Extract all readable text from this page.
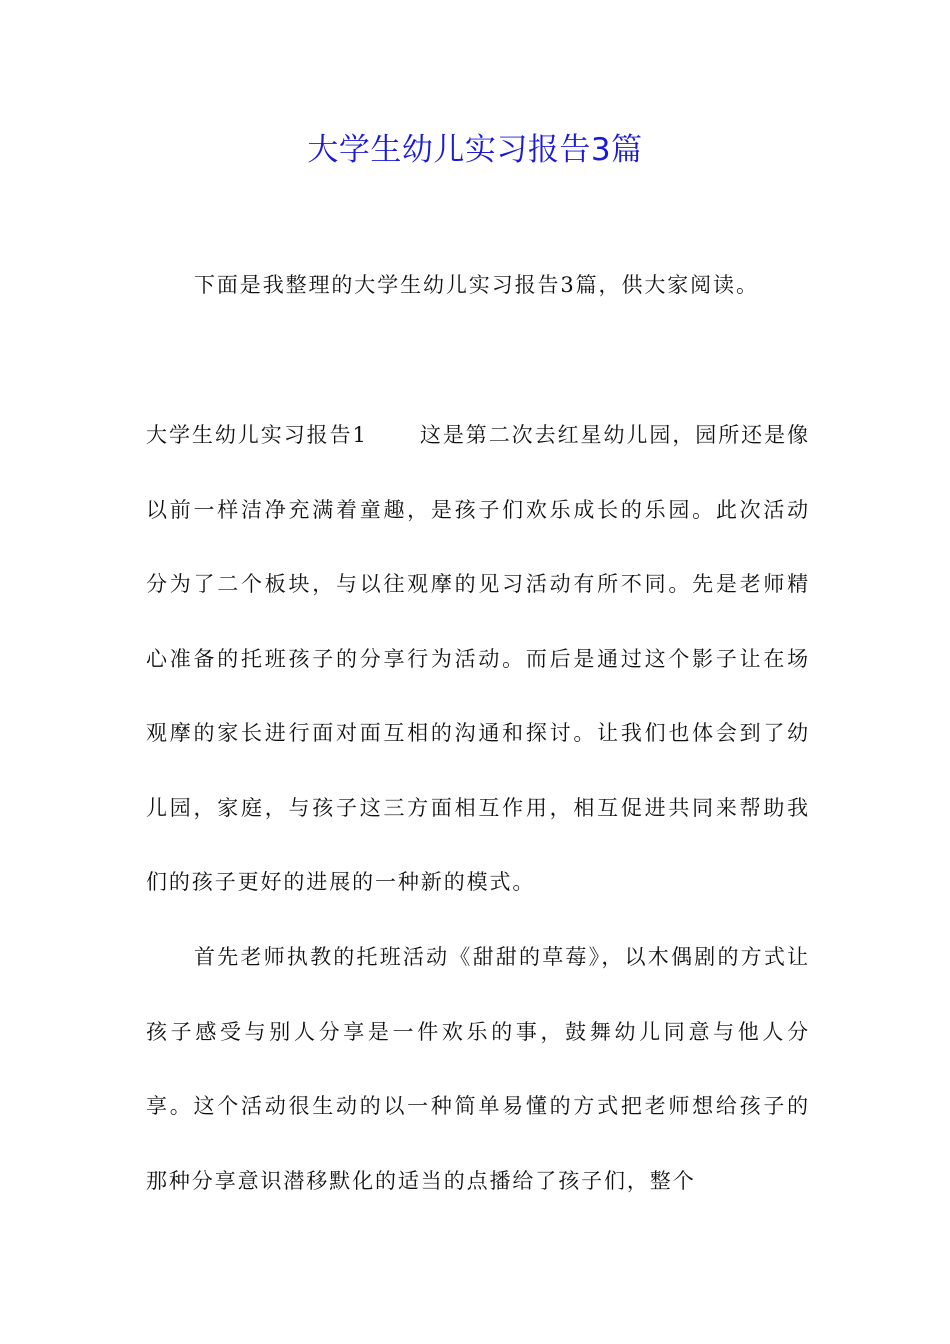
大学生幼儿实习报告3篇

下面是我整理的大学生幼儿实习报告3篇，供大家阅读。

大学生幼儿实习报告1 这是第二次去红星幼儿园，园所还是像以前一样洁净充满着童趣，是孩子们欢乐成长的乐园。此次活动分为了二个板块，与以往观摩的见习活动有所不同。先是老师精心准备的托班孩子的分享行为活动。而后是通过这个影子让在场观摩的家长进行面对面互相的沟通和探讨。让我们也体会到了幼儿园，家庭，与孩子这三方面相互作用，相互促进共同来帮助我们的孩子更好的进展的一种新的模式。

首先老师执教的托班活动《甜甜的草莓》，以木偶剧的方式让孩子感受与别人分享是一件欢乐的事，鼓舞幼儿同意与他人分享。这个活动很生动的以一种简单易懂的方式把老师想给孩子的那种分享意识潜移默化的适当的点播给了孩子们，整个
